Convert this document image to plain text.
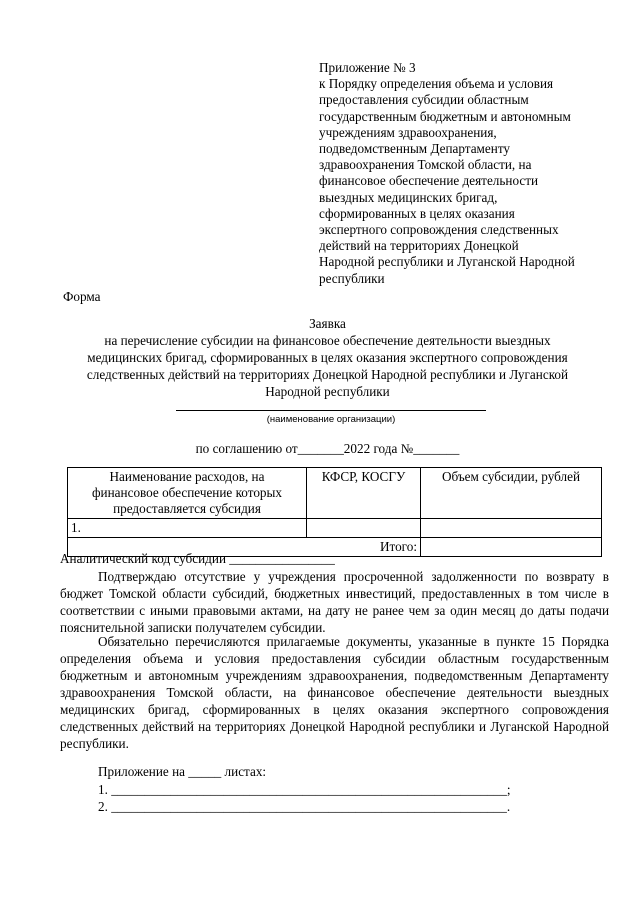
Приложение № 3
к Порядку определения объема и условия
предоставления субсидии областным
государственным бюджетным и автономным
учреждениям здравоохранения,
подведомственным Департаменту
здравоохранения Томской области, на
финансовое обеспечение деятельности
выездных медицинских бригад,
сформированных в целях оказания
экспертного сопровождения следственных
действий на территориях Донецкой
Народной республики и Луганской Народной
республики
Форма
Заявка
на перечисление субсидии на финансовое обеспечение деятельности выездных
медицинских бригад, сформированных в целях оказания экспертного сопровождения
следственных действий на территориях Донецкой Народной республики и Луганской
Народной республики
(наименование организации)
по соглашению от_______2022 года №_______
Наименование расходов, на
финансовое обеспечение которых
предоставляется субсидия	КФСР, КОСГУ	Объем субсидии, рублей
1.		
Итого:		
Аналитический код субсидии ________________
Подтверждаю отсутствие у учреждения просроченной задолженности по возврату в бюджет Томской области субсидий, бюджетных инвестиций, предоставленных в том числе в соответствии с иными правовыми актами, на дату не ранее чем за один месяц до даты подачи пояснительной записки получателем субсидии.
Обязательно перечисляются прилагаемые документы, указанные в пункте 15 Порядка определения объема и условия предоставления субсидии областным государственным бюджетным и автономным учреждениям здравоохранения, подведомственным Департаменту здравоохранения Томской области, на финансовое обеспечение деятельности выездных медицинских бригад, сформированных в целях оказания экспертного сопровождения следственных действий на территориях Донецкой Народной республики и Луганской Народной республики.
Приложение на _____ листах:
1. ____________________________________________________________;
2. ____________________________________________________________.
